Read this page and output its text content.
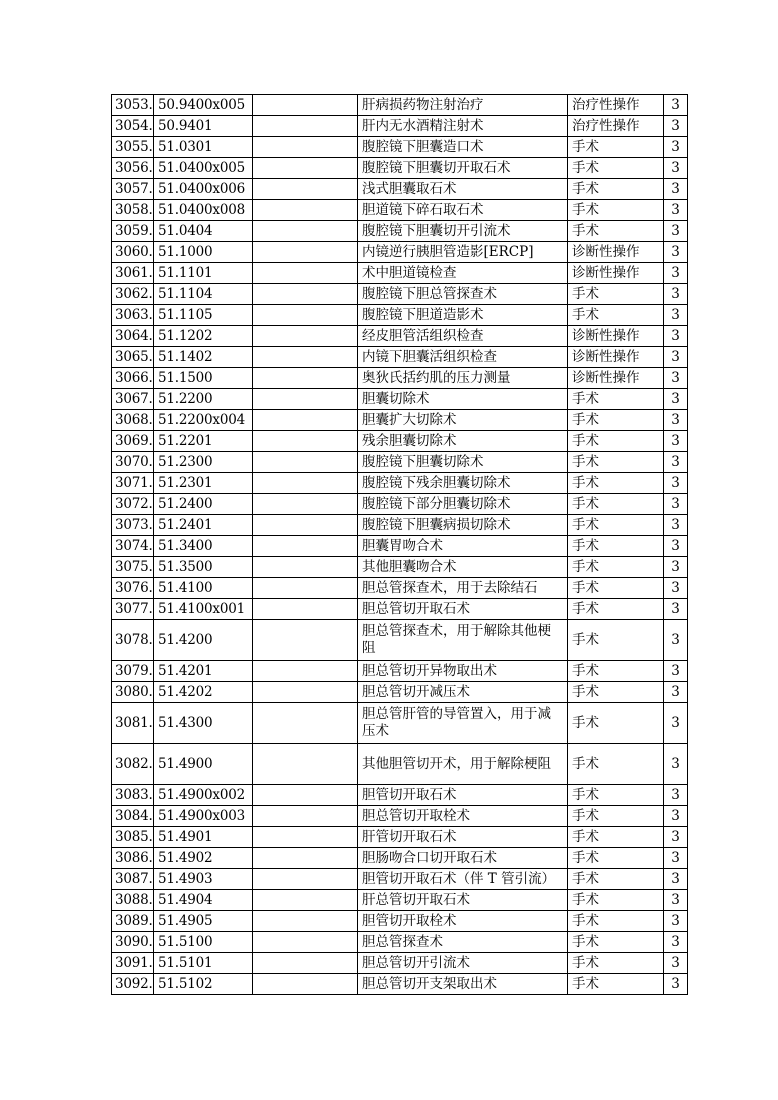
3053.	50.9400x005		肝病损药物注射治疗	治疗性操作	3
3054.	50.9401		肝内无水酒精注射术	治疗性操作	3
3055.	51.0301		腹腔镜下胆囊造口术	手术	3
3056.	51.0400x005		腹腔镜下胆囊切开取石术	手术	3
3057.	51.0400x006		浅式胆囊取石术	手术	3
3058.	51.0400x008		胆道镜下碎石取石术	手术	3
3059.	51.0404		腹腔镜下胆囊切开引流术	手术	3
3060.	51.1000		内镜逆行胰胆管造影[ERCP]	诊断性操作	3
3061.	51.1101		术中胆道镜检查	诊断性操作	3
3062.	51.1104		腹腔镜下胆总管探查术	手术	3
3063.	51.1105		腹腔镜下胆道造影术	手术	3
3064.	51.1202		经皮胆管活组织检查	诊断性操作	3
3065.	51.1402		内镜下胆囊活组织检查	诊断性操作	3
3066.	51.1500		奥狄氏括约肌的压力测量	诊断性操作	3
3067.	51.2200		胆囊切除术	手术	3
3068.	51.2200x004		胆囊扩大切除术	手术	3
3069.	51.2201		残余胆囊切除术	手术	3
3070.	51.2300		腹腔镜下胆囊切除术	手术	3
3071.	51.2301		腹腔镜下残余胆囊切除术	手术	3
3072.	51.2400		腹腔镜下部分胆囊切除术	手术	3
3073.	51.2401		腹腔镜下胆囊病损切除术	手术	3
3074.	51.3400		胆囊胃吻合术	手术	3
3075.	51.3500		其他胆囊吻合术	手术	3
3076.	51.4100		胆总管探查术，用于去除结石	手术	3
3077.	51.4100x001		胆总管切开取石术	手术	3
3078.	51.4200		胆总管探查术，用于解除其他梗阻	手术	3
3079.	51.4201		胆总管切开异物取出术	手术	3
3080.	51.4202		胆总管切开减压术	手术	3
3081.	51.4300		胆总管肝管的导管置入，用于减压术	手术	3
3082.	51.4900		其他胆管切开术，用于解除梗阻	手术	3
3083.	51.4900x002		胆管切开取石术	手术	3
3084.	51.4900x003		胆总管切开取栓术	手术	3
3085.	51.4901		肝管切开取石术	手术	3
3086.	51.4902		胆肠吻合口切开取石术	手术	3
3087.	51.4903		胆管切开取石术（伴 T 管引流）	手术	3
3088.	51.4904		肝总管切开取石术	手术	3
3089.	51.4905		胆管切开取栓术	手术	3
3090.	51.5100		胆总管探查术	手术	3
3091.	51.5101		胆总管切开引流术	手术	3
3092.	51.5102		胆总管切开支架取出术	手术	3
